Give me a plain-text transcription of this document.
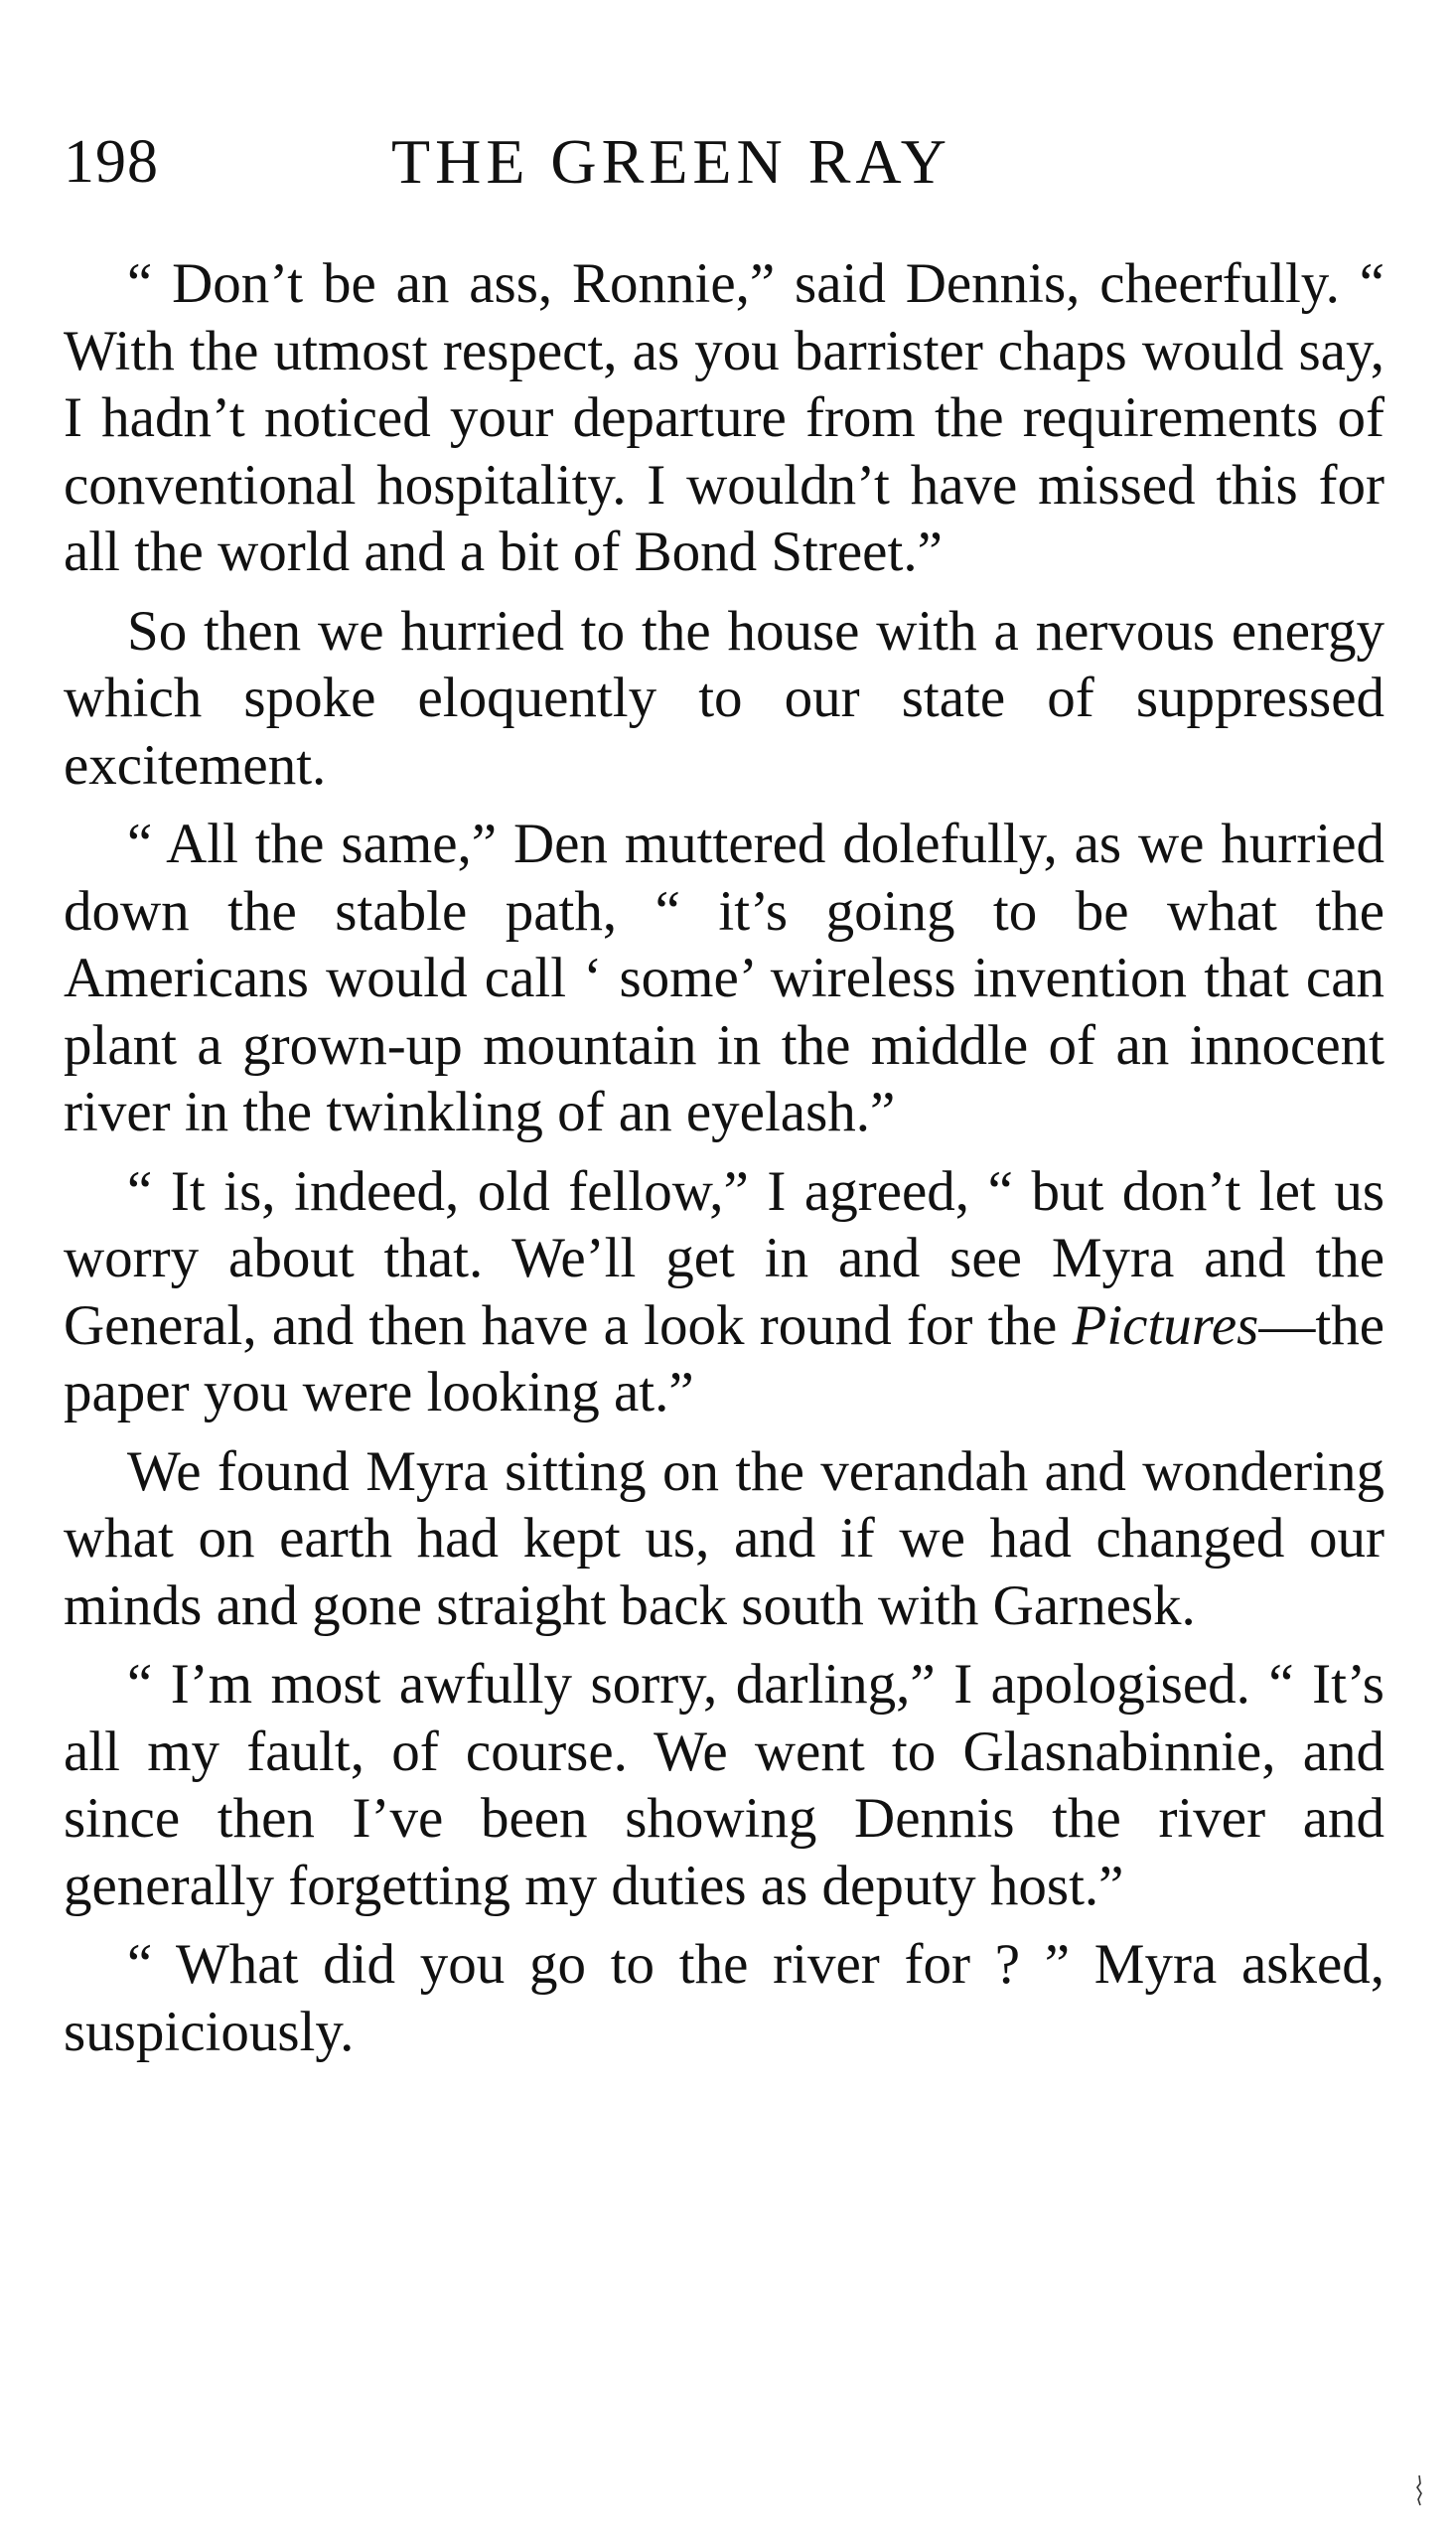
198	THE GREEN RAY

“ Don’t be an ass, Ronnie,” said Dennis, cheerfully. “ With the utmost respect, as you barrister chaps would say, I hadn’t noticed your departure from the requirements of conventional hospitality. I wouldn’t have missed this for all the world and a bit of Bond Street.”

So then we hurried to the house with a nervous energy which spoke eloquently to our state of suppressed excitement.

“ All the same,” Den muttered dolefully, as we hurried down the stable path, “ it’s going to be what the Americans would call ‘ some’ wireless invention that can plant a grown-up mountain in the middle of an innocent river in the twinkling of an eyelash.”

“ It is, indeed, old fellow,” I agreed, “ but don’t let us worry about that. We’ll get in and see Myra and the General, and then have a look round for the Pictures—the paper you were looking at.”

We found Myra sitting on the verandah and wondering what on earth had kept us, and if we had changed our minds and gone straight back south with Garnesk.

“ I’m most awfully sorry, darling,” I apologised. “ It’s all my fault, of course. We went to Glasnabinnie, and since then I’ve been showing Dennis the river and generally forgetting my duties as deputy host.”

“ What did you go to the river for ? ” Myra asked, suspiciously.
